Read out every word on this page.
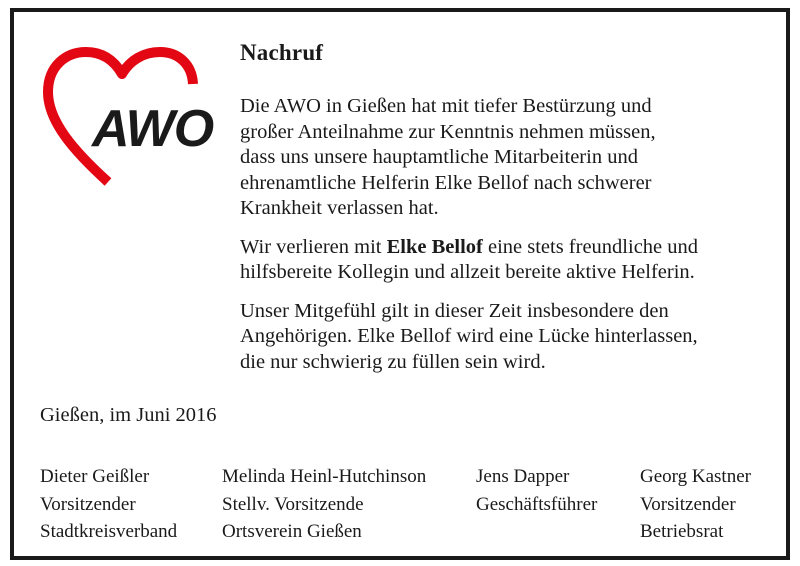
AWO
Nachruf

Die AWO in Gießen hat mit tiefer Bestürzung und
großer Anteilnahme zur Kenntnis nehmen müssen,
dass uns unsere hauptamtliche Mitarbeiterin und
ehrenamtliche Helferin Elke Bellof nach schwerer
Krankheit verlassen hat.

Wir verlieren mit Elke Bellof eine stets freundliche und
hilfsbereite Kollegin und allzeit bereite aktive Helferin.

Unser Mitgefühl gilt in dieser Zeit insbesondere den
Angehörigen. Elke Bellof wird eine Lücke hinterlassen,
die nur schwierig zu füllen sein wird.

Gießen, im Juni 2016
Dieter Geißler
Vorsitzender
Stadtkreisverband
Melinda Heinl-Hutchinson
Stellv. Vorsitzende
Ortsverein Gießen
Jens Dapper
Geschäftsführer
Georg Kastner
Vorsitzender
Betriebsrat
